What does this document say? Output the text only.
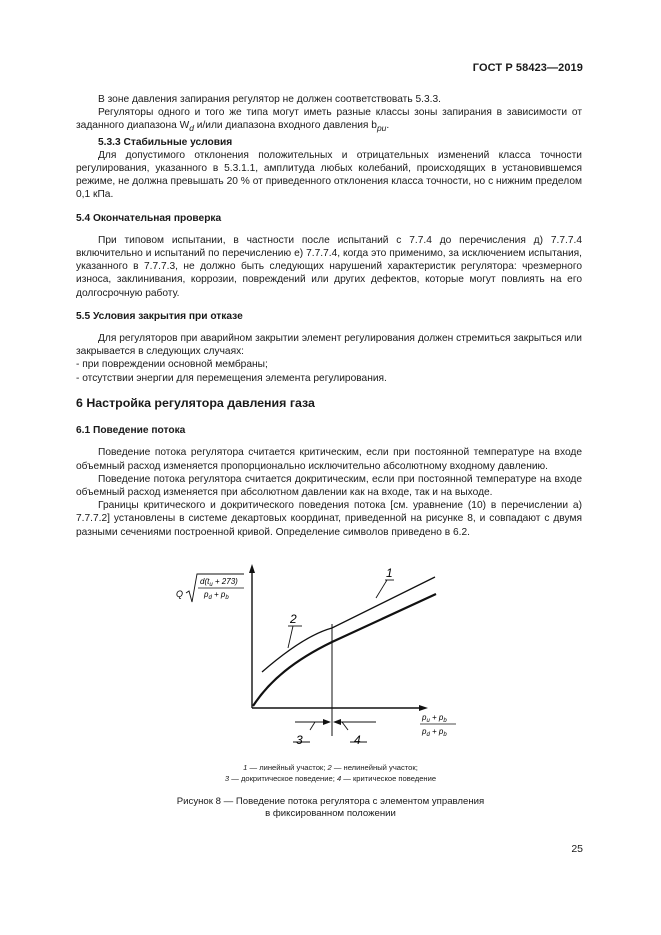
ГОСТ Р 58423—2019

В зоне давления запирания регулятор не должен соответствовать 5.3.3.

Регуляторы одного и того же типа могут иметь разные классы зоны запирания в зависимости от заданного диапазона $W_d$ и/или диапазона входного давления $b_{pu}$.

5.3.3 Стабильные условия

Для допустимого отклонения положительных и отрицательных изменений класса точности регулирования, указанного в 5.3.1.1, амплитуда любых колебаний, происходящих в установившемся режиме, не должна превышать 20 % от приведенного отклонения класса точности, но с нижним пределом 0,1 кПа.

5.4 Окончательная проверка

При типовом испытании, в частности после испытаний с 7.7.4 до перечисления д) 7.7.7.4 включительно и испытаний по перечислению е) 7.7.7.4, когда это применимо, за исключением испытания, указанного в 7.7.7.3, не должно быть следующих нарушений характеристик регулятора: чрезмерного износа, заклинивания, коррозии, повреждений или других дефектов, которые могут повлиять на его долгосрочную работу.

5.5 Условия закрытия при отказе

Для регуляторов при аварийном закрытии элемент регулирования должен стремиться закрыться или закрывается в следующих случаях:

- при повреждении основной мембраны;

- отсутствии энергии для перемещения элемента регулирования.

6 Настройка регулятора давления газа

6.1 Поведение потока

Поведение потока регулятора считается критическим, если при постоянной температуре на входе объемный расход изменяется пропорционально исключительно абсолютному входному давлению.

Поведение потока регулятора считается докритическим, если при постоянной температуре на входе объемный расход изменяется при абсолютном давлении как на входе, так и на выходе.

Границы критического и докритического поведения потока [см. уравнение (10) в перечислении а) 7.7.7.2] установлены в системе декартовых координат, приведенной на рисунке 8, и совпадают с двумя разными сечениями построенной кривой. Определение символов приведено в 6.2.

Q
$d(t_u + 273)$
$p_d + p_b$
$p_u + p_b$
$p_d + p_b$
1
2
3	4
1 — линейный участок; 2 — нелинейный участок;
3 — докритическое поведение; 4 — критическое поведение
Рисунок 8 — Поведение потока регулятора с элементом управления
в фиксированном положении
25
